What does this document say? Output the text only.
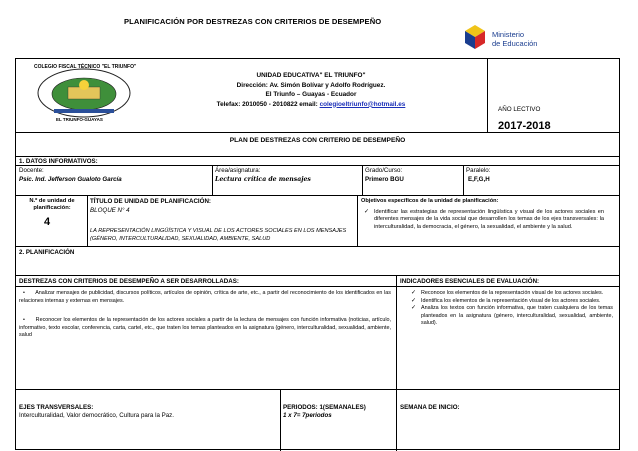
PLANIFICACIÓN POR DESTREZAS CON CRITERIOS DE DESEMPEÑO
Ministerio
de Educación
COLEGIO FISCAL TÉCNICO "EL TRIUNFO"
EL TRIUNFO-GUAYAS
UNIDAD EDUCATIVA" EL TRIUNFO"
Dirección: Av. Simón Bolívar y Adolfo Rodríguez.
El Triunfo – Guayas - Ecuador
Telefax: 2010050 - 2010822 email: colegioeltriunfo@hotmail.es
AÑO LECTIVO
2017-2018
PLAN DE DESTREZAS CON CRITERIO DE DESEMPEÑO
1. DATOS INFORMATIVOS:
Docente:
Psic. Ind. Jefferson Gualoto García
Área/asignatura:
Lectura crítica de mensajes
Grado/Curso:
Primero BGU
Paralelo:
E,F,G,H
N.º de unidad de planificación:
4
TÍTULO DE UNIDAD DE PLANIFICACIÓN:
BLOQUE N° 4
LA REPRESENTACIÓN LINGÜÍSTICA Y VISUAL DE LOS ACTORES SOCIALES EN LOS MENSAJES (GÉNERO, INTERCULTURALIDAD, SEXUALIDAD, AMBIENTE, SALUD
Objetivos específicos de la unidad de planificación:
✓ Identificar las estrategias de representación lingüística y visual de los actores sociales en diferentes mensajes de la vida social que desarrollen los temas de los ejes transversales: la interculturalidad, la democracia, el género, la sexualidad, el ambiente y la salud.
2. PLANIFICACIÓN
DESTREZAS CON CRITERIOS DE DESEMPEÑO A SER DESARROLLADAS:	INDICADORES ESENCIALES DE EVALUACIÓN:
•      Analizar mensajes de publicidad, discursos políticos, artículos de opinión, crítica de arte, etc., a partir del reconocimiento de los identificados en las relaciones internas y externas en mensajes.
•      Reconocer los elementos de la representación de los actores sociales a partir de la lectura de mensajes con función informativa (noticias, artículo, informativo, texto escolar, conferencia, carta, cartel, etc., que traten los temas planteados en la asignatura (género, interculturalidad, sexualidad, ambiente, salud
✓ Reconoce los elementos de la representación visual de los actores sociales.
✓ Identifica los elementos de la representación visual de los actores sociales.
✓ Analiza los textos con función informativa, que traten cualquiera de los temas planteados en la asignatura (género, interculturalidad, sexualidad, ambiente, salud).
EJES TRANSVERSALES:
Interculturalidad, Valor democrático, Cultura para la Paz.
PERIODOS: 1(SEMANALES)
1 x 7= 7periodos
SEMANA DE INICIO:
